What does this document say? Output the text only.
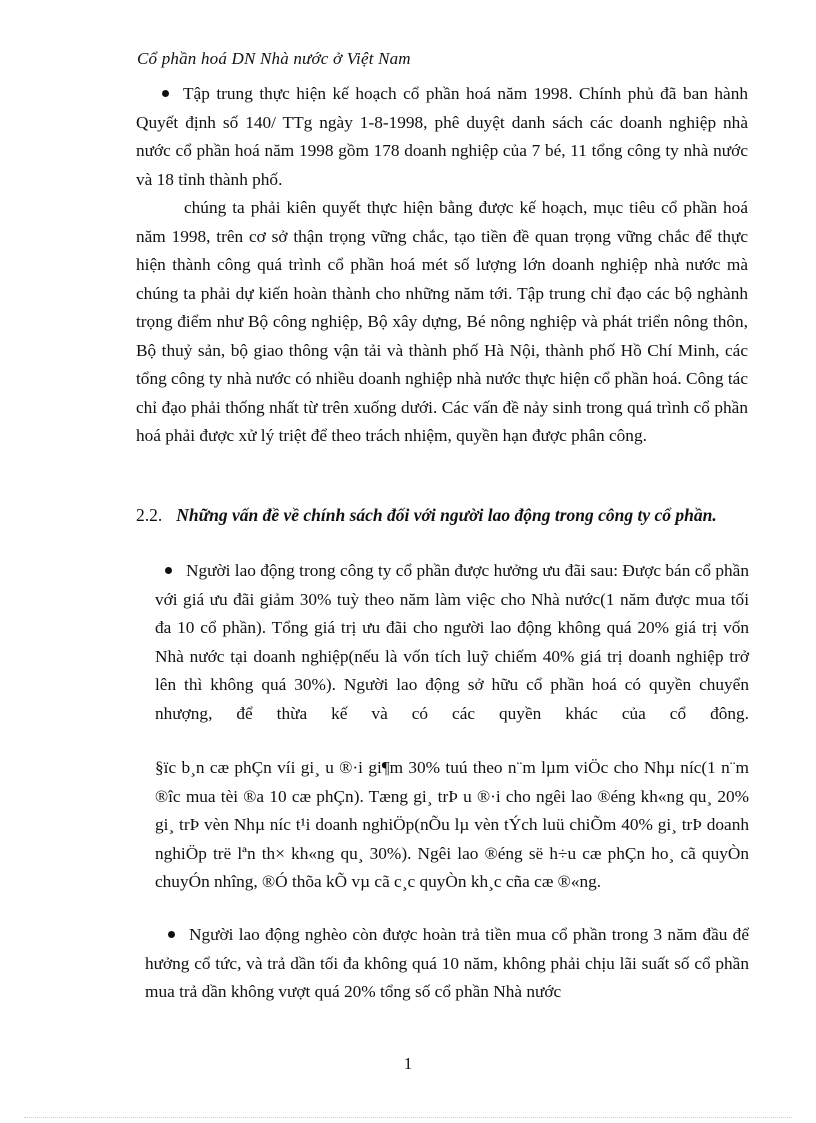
Cổ phần hoá DN Nhà nước ở Việt Nam

Tập trung thực hiện kế hoạch cổ phần hoá năm 1998. Chính phủ đã ban hành Quyết định số 140/ TTg ngày 1-8-1998, phê duyệt danh sách các doanh nghiệp nhà nước cổ phần hoá năm 1998 gồm 178 doanh nghiệp của 7 bé, 11 tổng công ty nhà nước và 18 tỉnh thành phố.

chúng ta phải kiên quyết thực hiện bằng được kế hoạch, mục tiêu cổ phần hoá năm 1998, trên cơ sở thận trọng vững chắc, tạo tiền đề quan trọng vững chắc để thực hiện thành công quá trình cổ phần hoá mét số lượng lớn doanh nghiệp nhà nước mà chúng ta phải dự kiến hoàn thành cho những năm tới. Tập trung chỉ đạo các bộ nghành trọng điểm như Bộ công nghiệp, Bộ xây dựng, Bé nông nghiệp và phát triển nông thôn, Bộ thuỷ sản, bộ giao thông vận tải và thành phố Hà Nội, thành phố Hồ Chí Minh, các tổng công ty nhà nước có nhiều doanh nghiệp nhà nước thực hiện cổ phần hoá. Công tác chỉ đạo phải thống nhất từ trên xuống dưới. Các vấn đề nảy sinh trong quá trình cổ phần hoá phải được xử lý triệt để theo trách nhiệm, quyền hạn được phân công.

2.2. Những vấn đề về chính sách đối với người lao động trong công ty cổ phần.

Người lao động trong công ty cổ phần được hưởng ưu đãi sau: Được bán cổ phần với giá ưu đãi giảm 30% tuỳ theo năm làm việc cho Nhà nước(1 năm được mua tối đa 10 cổ phần). Tổng giá trị ưu đãi cho người lao động không quá 20% giá trị vốn Nhà nước tại doanh nghiệp(nếu là vốn tích luỹ chiếm 40% giá trị doanh nghiệp trở lên thì không quá 30%). Người lao động sở hữu cổ phần hoá có quyền chuyển nhượng, để thừa kế và có các quyền khác của cổ đông.

§ïc b¸n cæ phÇn víi gi¸ u ®·i gi¶m 30% tuú theo n¨m lµm viÖc cho Nhµ níc(1 n¨m ®îc mua tèi ®a 10 cæ phÇn). Tæng gi¸ trÞ u ®·i cho ngêi lao ®éng kh«ng qu¸ 20% gi¸ trÞ vèn Nhµ níc t¹i doanh nghiÖp(nÕu lµ vèn tÝch luü chiÕm 40% gi¸ trÞ doanh nghiÖp trë lªn th× kh«ng qu¸ 30%). Ngêi lao ®éng së h÷u cæ phÇn ho¸ cã quyÒn chuyÓn nhîng, ®Ó thõa kÕ vµ cã c¸c quyÒn kh¸c cña cæ ®«ng.

Người lao động nghèo còn được hoàn trả tiền mua cổ phần trong 3 năm đầu để hưởng cổ tức, và trả dần tối đa không quá 10 năm, không phải chịu lãi suất số cổ phần mua trả dần không vượt quá 20% tổng số cổ phần Nhà nước

1
